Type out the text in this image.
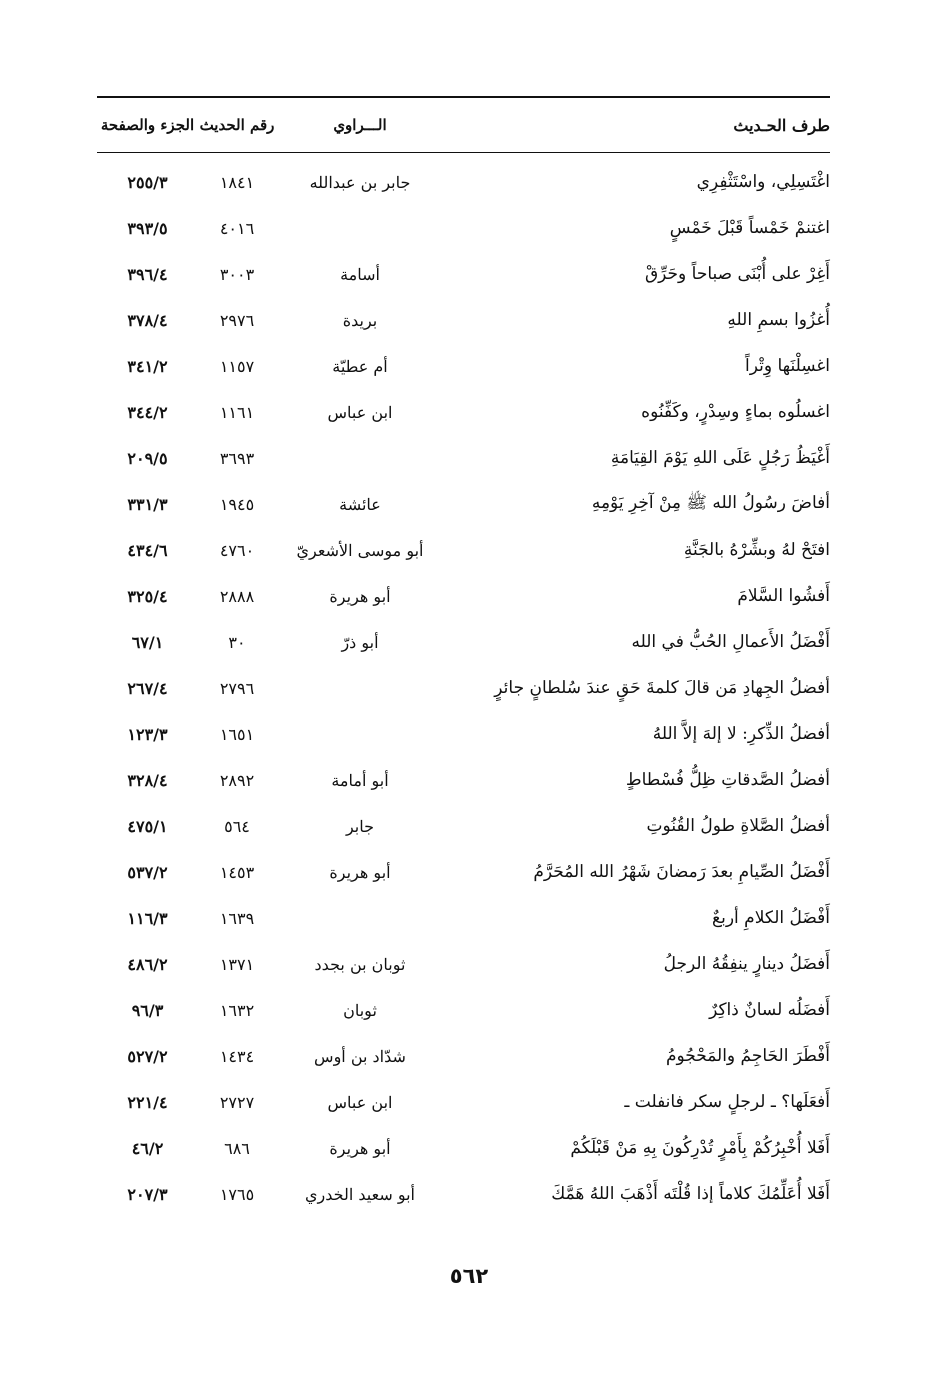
طرف الحـديث
الـــراوي
رقم الحديث
الجزء والصفحة
اغْتَسِلِي، واسْتَثْفِرِي
جابر بن عبدالله
١٨٤١
٢٥٥/٣
اغتنمْ خَمْساً قَبْلَ خَمْسٍ
٤٠١٦
٣٩٣/٥
أَغِرْ على أُبْنَى صباحاً وحَرِّقْ
أسامة
٣٠٠٣
٣٩٦/٤
أُغزُوا بسمِ اللهِ
بريدة
٢٩٧٦
٣٧٨/٤
اغسِلْنَها وِتْراً
أم عطيّة
١١٥٧
٣٤١/٢
اغسلُوه بماءٍ وسِدْرٍ، وكَفِّنُوه
ابن عباس
١١٦١
٣٤٤/٢
أَغْيَظُ رَجُلٍ عَلَى اللهِ يَوْمَ القِيَامَةِ
٣٦٩٣
٢٠٩/٥
أفاضَ رسُولُ الله ﷺ مِنْ آخِرِ يَوْمِهِ
عائشة
١٩٤٥
٣٣١/٣
افتَحْ لهُ وبشِّرْهُ بالجَنَّةِ
أبو موسى الأشعريّ
٤٧٦٠
٤٣٤/٦
أَفشُوا السَّلامَ
أبو هريرة
٢٨٨٨
٣٢٥/٤
أَفْضَلُ الأَعمالِ الحُبُّ في الله
أبو ذرّ
٣٠
٦٧/١
أفضلُ الجِهادِ مَن قالَ كلمةَ حَقٍ عندَ سُلطانٍ جائرٍ
٢٧٩٦
٢٦٧/٤
أفضلُ الذِّكرِ: لا إلهَ إلاَّ اللهُ
١٦٥١
١٢٣/٣
أفضلُ الصَّدقاتِ ظِلُّ فُسْطاطٍ
أبو أمامة
٢٨٩٢
٣٢٨/٤
أفضلُ الصَّلاةِ طولُ القُنُوتِ
جابر
٥٦٤
٤٧٥/١
أَفْضَلُ الصِّيامِ بعدَ رَمضانَ شَهْرُ الله المُحَرَّمُ
أبو هريرة
١٤٥٣
٥٣٧/٢
أَفْضَلُ الكلامِ أربعٌ
١٦٣٩
١١٦/٣
أَفضَلُ دينارٍ ينفِقُهُ الرجلُ
ثوبان بن بجدد
١٣٧١
٤٨٦/٢
أَفضَلُه لسانٌ ذاكِرٌ
ثوبان
١٦٣٢
٩٦/٣
أَفْطَرَ الحَاجِمُ والمَحْجُومُ
شدّاد بن أوس
١٤٣٤
٥٢٧/٢
أَفعَلَها؟ ـ لرجلٍ سكر فانفلت ـ
ابن عباس
٢٧٢٧
٢٢١/٤
أَفَلا أُخْبِرُكُمْ بِأَمْرٍ تُدْرِكُونَ بِهِ مَنْ قَبْلَكُمْ
أبو هريرة
٦٨٦
٤٦/٢
أَفَلا أُعَلِّمُكَ كلاماً إذا قُلْتَه أَذْهَبَ اللهُ هَمَّكَ
أبو سعيد الخدري
١٧٦٥
٢٠٧/٣
٥٦٢
